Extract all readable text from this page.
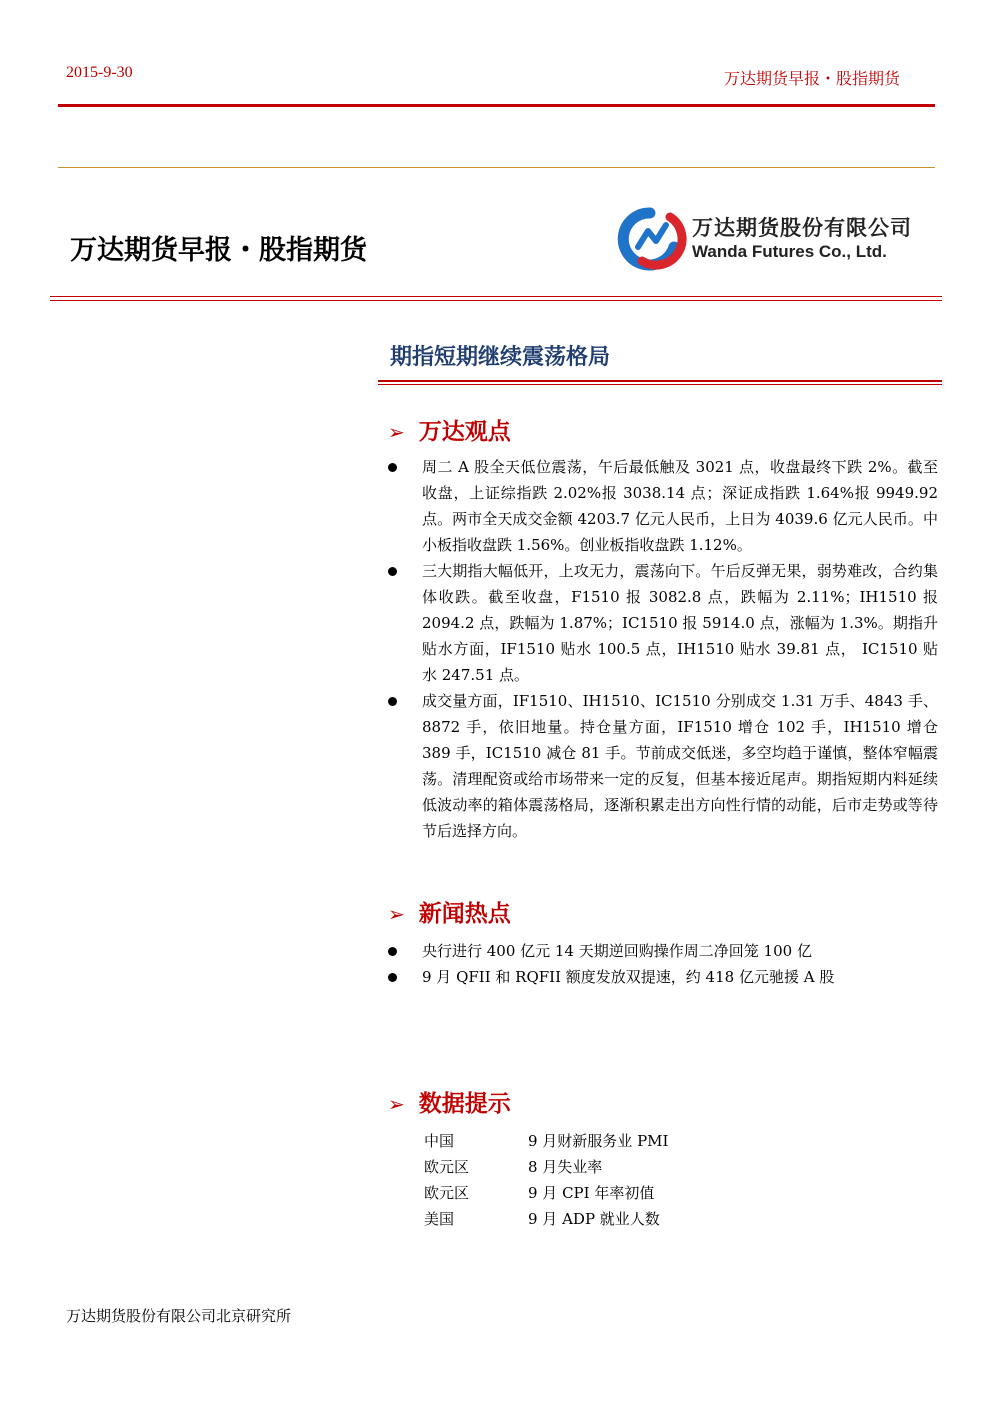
2015-9-30	万达期货早报・股指期货
万达期货早报・股指期货
万达期货股份有限公司
Wanda Futures Co., Ltd.
期指短期继续震荡格局
➢ 万达观点
周二 A 股全天低位震荡，午后最低触及 3021 点，收盘最终下跌 2%。截至收盘，上证综指跌 2.02%报 3038.14 点；深证成指跌 1.64%报 9949.92 点。两市全天成交金额 4203.7 亿元人民币，上日为 4039.6 亿元人民币。中小板指收盘跌 1.56%。创业板指收盘跌 1.12%。
三大期指大幅低开，上攻无力，震荡向下。午后反弹无果，弱势难改，合约集体收跌。截至收盘，F1510 报 3082.8 点，跌幅为 2.11%；IH1510 报 2094.2 点，跌幅为 1.87%；IC1510 报 5914.0 点，涨幅为 1.3%。期指升贴水方面，IF1510 贴水 100.5 点，IH1510 贴水 39.81 点， IC1510 贴水 247.51 点。
成交量方面，IF1510、IH1510、IC1510 分别成交 1.31 万手、4843 手、8872 手，依旧地量。持仓量方面，IF1510 增仓 102 手，IH1510 增仓 389 手，IC1510 减仓 81 手。节前成交低迷，多空均趋于谨慎，整体窄幅震荡。清理配资或给市场带来一定的反复，但基本接近尾声。期指短期内料延续低波动率的箱体震荡格局，逐渐积累走出方向性行情的动能，后市走势或等待节后选择方向。
➢ 新闻热点
央行进行 400 亿元 14 天期逆回购操作周二净回笼 100 亿
9 月 QFII 和 RQFII 额度发放双提速，约 418 亿元驰援 A 股
➢ 数据提示
中国	9 月财新服务业 PMI
欧元区	8 月失业率
欧元区	9 月 CPI 年率初值
美国	9 月 ADP 就业人数
万达期货股份有限公司北京研究所
